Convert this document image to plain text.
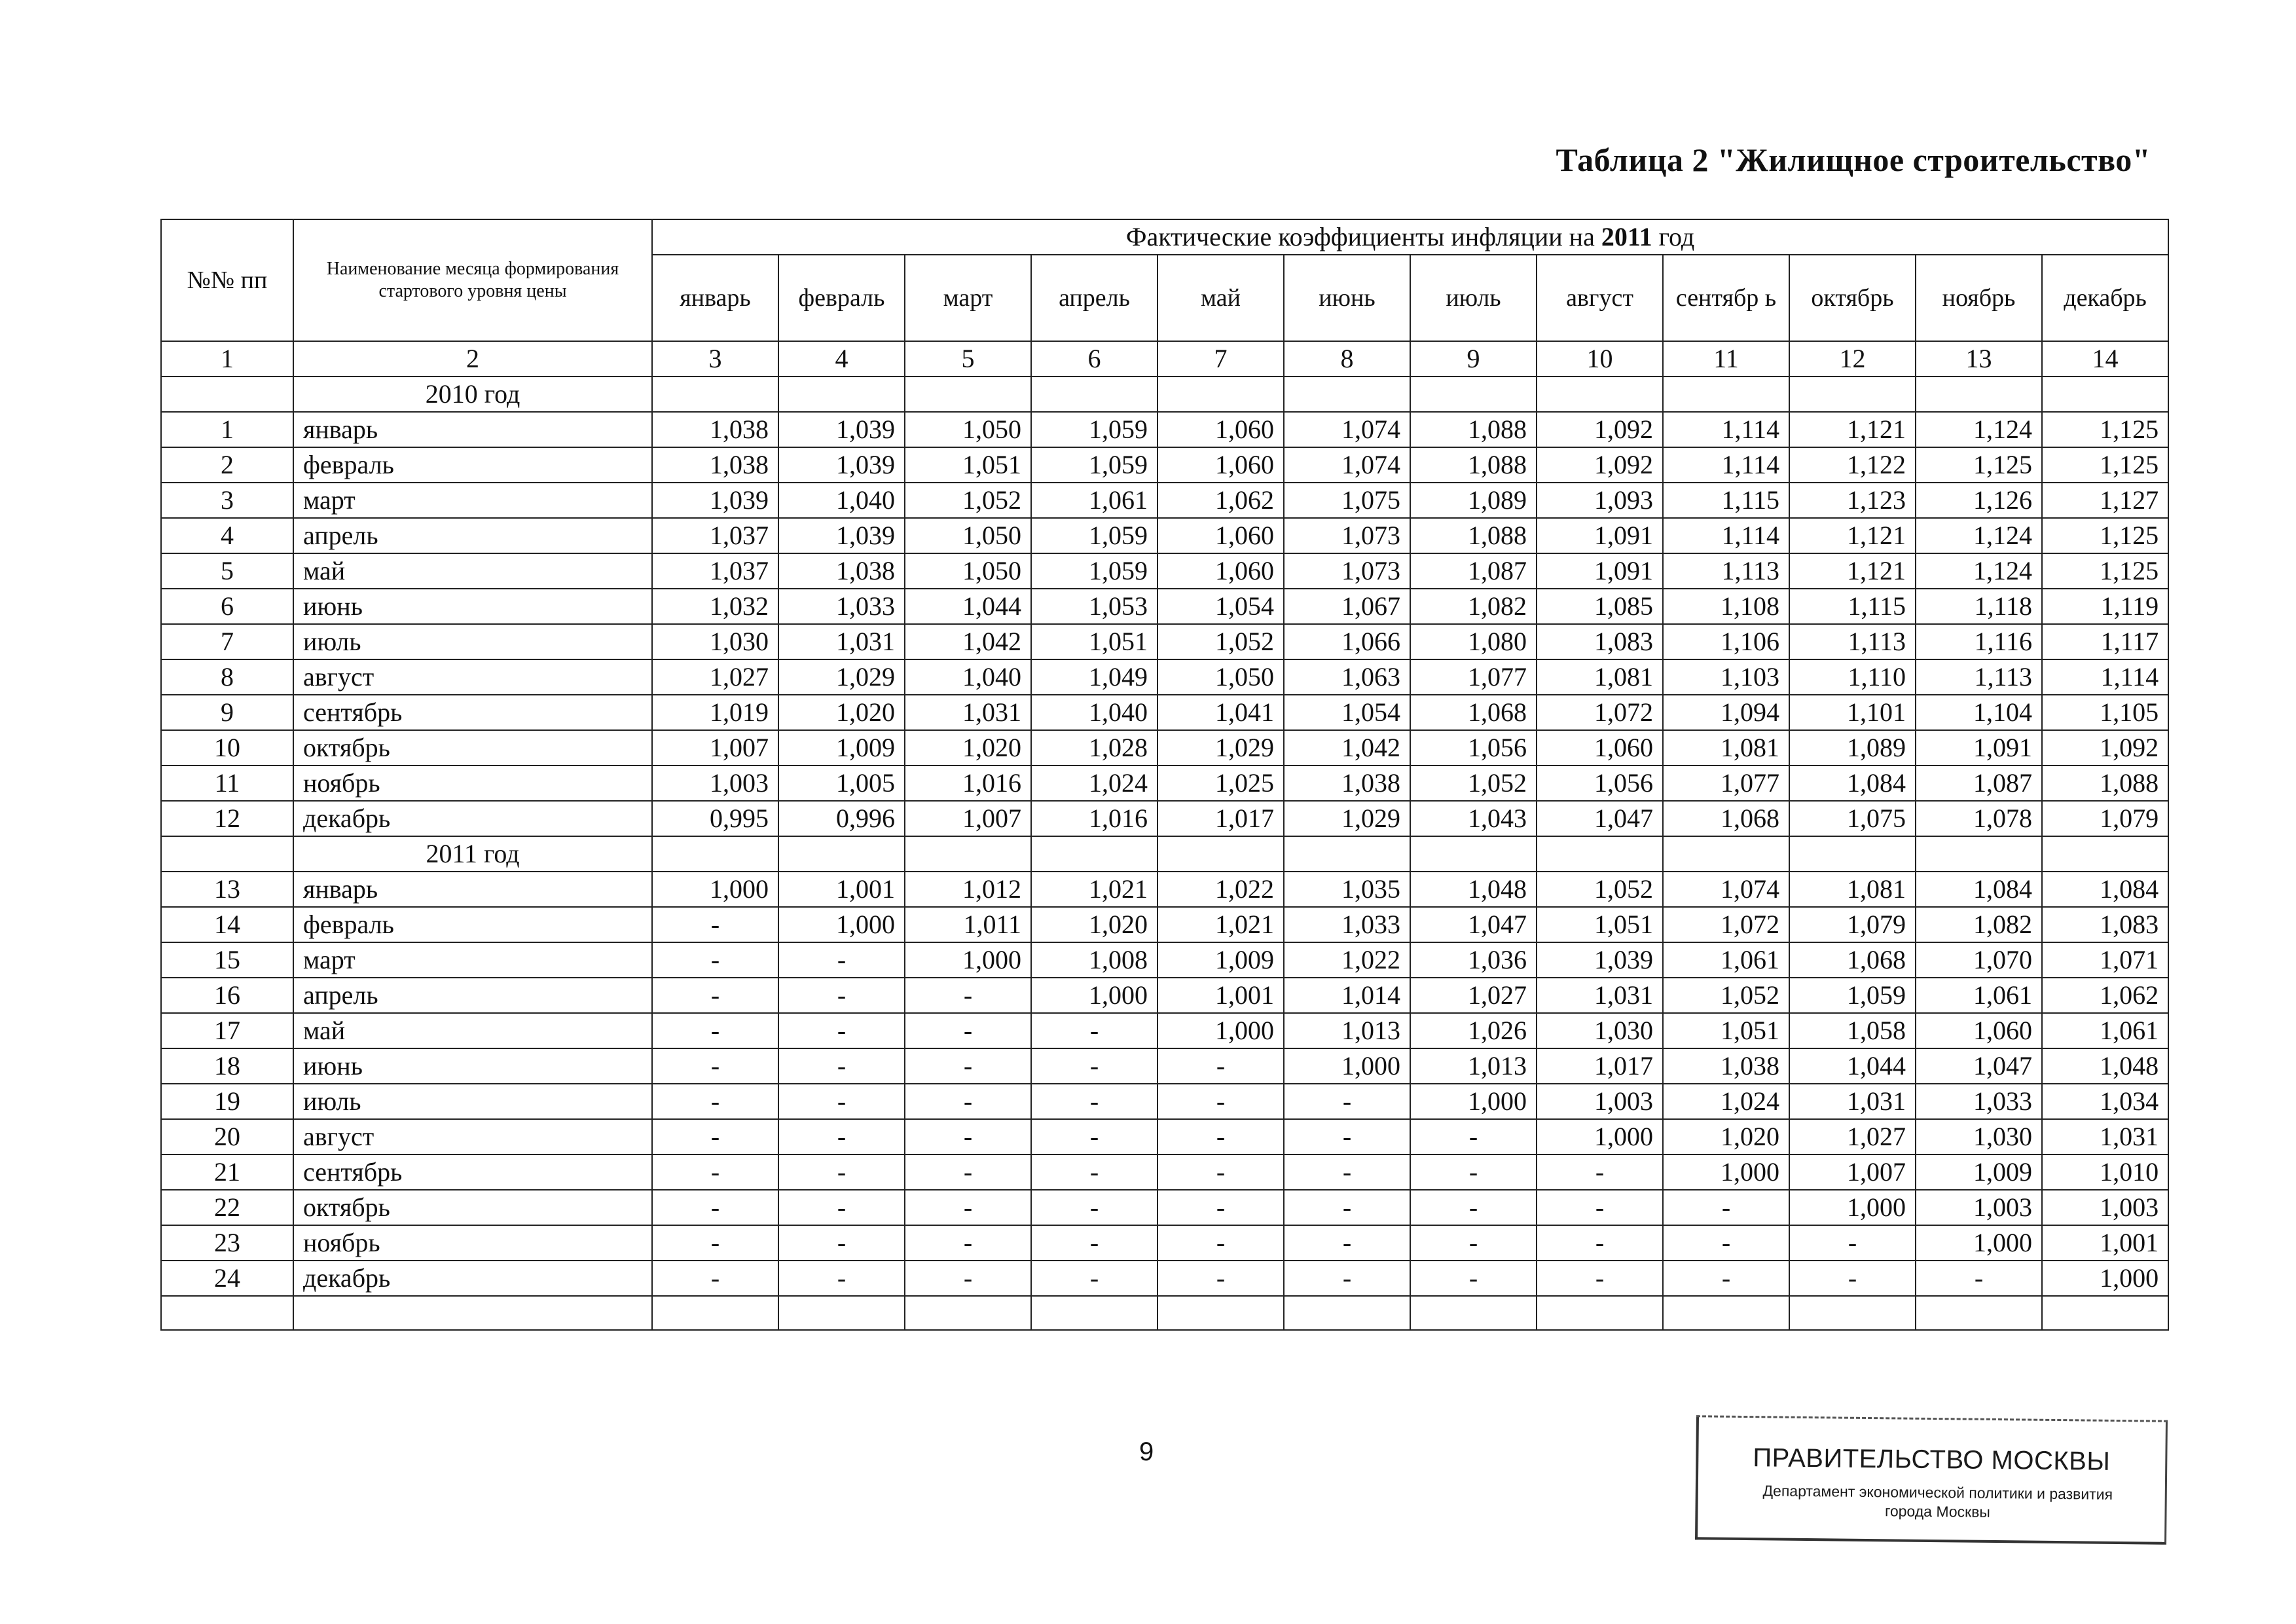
Таблица 2 "Жилищное строительство"
№№ пп	Наименование месяца формирования стартового уровня цены	Фактические коэффициенты инфляции на 2011 год											
		январь	февраль	март	апрель	май	июнь	июль	август	сентябр ь	октябрь	ноябрь	декабрь
1	2	3	4	5	6	7	8	9	10	11	12	13	14
	2010 год												
1	январь	1,038	1,039	1,050	1,059	1,060	1,074	1,088	1,092	1,114	1,121	1,124	1,125
2	февраль	1,038	1,039	1,051	1,059	1,060	1,074	1,088	1,092	1,114	1,122	1,125	1,125
3	март	1,039	1,040	1,052	1,061	1,062	1,075	1,089	1,093	1,115	1,123	1,126	1,127
4	апрель	1,037	1,039	1,050	1,059	1,060	1,073	1,088	1,091	1,114	1,121	1,124	1,125
5	май	1,037	1,038	1,050	1,059	1,060	1,073	1,087	1,091	1,113	1,121	1,124	1,125
6	июнь	1,032	1,033	1,044	1,053	1,054	1,067	1,082	1,085	1,108	1,115	1,118	1,119
7	июль	1,030	1,031	1,042	1,051	1,052	1,066	1,080	1,083	1,106	1,113	1,116	1,117
8	август	1,027	1,029	1,040	1,049	1,050	1,063	1,077	1,081	1,103	1,110	1,113	1,114
9	сентябрь	1,019	1,020	1,031	1,040	1,041	1,054	1,068	1,072	1,094	1,101	1,104	1,105
10	октябрь	1,007	1,009	1,020	1,028	1,029	1,042	1,056	1,060	1,081	1,089	1,091	1,092
11	ноябрь	1,003	1,005	1,016	1,024	1,025	1,038	1,052	1,056	1,077	1,084	1,087	1,088
12	декабрь	0,995	0,996	1,007	1,016	1,017	1,029	1,043	1,047	1,068	1,075	1,078	1,079
	2011 год												
13	январь	1,000	1,001	1,012	1,021	1,022	1,035	1,048	1,052	1,074	1,081	1,084	1,084
14	февраль	-	1,000	1,011	1,020	1,021	1,033	1,047	1,051	1,072	1,079	1,082	1,083
15	март	-	-	1,000	1,008	1,009	1,022	1,036	1,039	1,061	1,068	1,070	1,071
16	апрель	-	-	-	1,000	1,001	1,014	1,027	1,031	1,052	1,059	1,061	1,062
17	май	-	-	-	-	1,000	1,013	1,026	1,030	1,051	1,058	1,060	1,061
18	июнь	-	-	-	-	-	1,000	1,013	1,017	1,038	1,044	1,047	1,048
19	июль	-	-	-	-	-	-	1,000	1,003	1,024	1,031	1,033	1,034
20	август	-	-	-	-	-	-	-	1,000	1,020	1,027	1,030	1,031
21	сентябрь	-	-	-	-	-	-	-	-	1,000	1,007	1,009	1,010
22	октябрь	-	-	-	-	-	-	-	-	-	1,000	1,003	1,003
23	ноябрь	-	-	-	-	-	-	-	-	-	-	1,000	1,001
24	декабрь	-	-	-	-	-	-	-	-	-	-	-	1,000

9	ПРАВИТЕЛЬСТВО МОСКВЫ
Департамент экономической политики и развития
города Москвы
